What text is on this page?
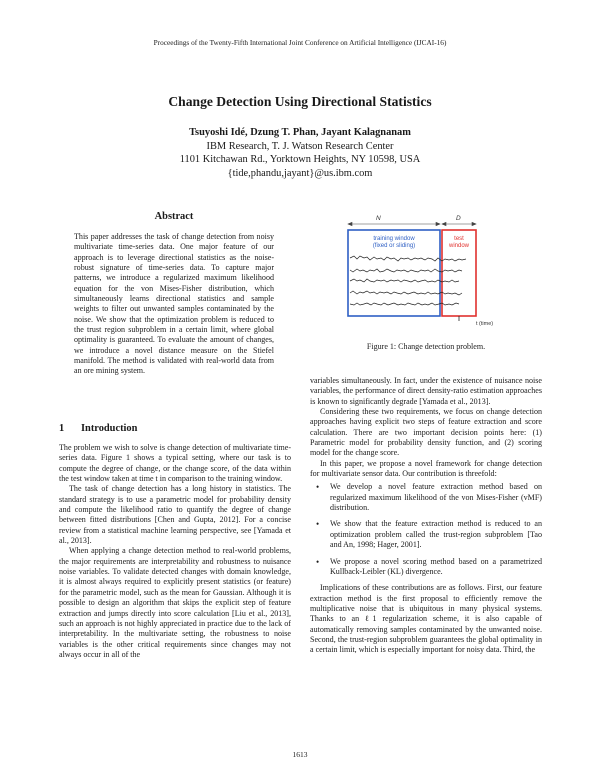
Proceedings of the Twenty-Fifth International Joint Conference on Artificial Intelligence (IJCAI-16)
Change Detection Using Directional Statistics
Tsuyoshi Idé, Dzung T. Phan, Jayant Kalagnanam
IBM Research, T. J. Watson Research Center
1101 Kitchawan Rd., Yorktown Heights, NY 10598, USA
{tide,phandu,jayant}@us.ibm.com
Abstract

This paper addresses the task of change detection from noisy multivariate time-series data. One major feature of our approach is to leverage directional statistics as the noise-robust signature of time-series data. To capture major patterns, we introduce a regularized maximum likelihood equation for the von Mises-Fisher distribution, which simultaneously learns directional statistics and sample weights to filter out unwanted samples contaminated by the noise. We show that the optimization problem is reduced to the trust region subproblem in a certain limit, where global optimality is guaranteed. To evaluate the amount of changes, we introduce a novel distance measure on the Stiefel manifold. The method is validated with real-world data from an ore mining system.

N	D
training window
(fixed or sliding)
test
window
t (time)
Figure 1: Change detection problem.
1 Introduction

The problem we wish to solve is change detection of multivariate time-series data. Figure 1 shows a typical setting, where our task is to compute the degree of change, or the change score, of the data within the test window taken at time t in comparison to the training window.

The task of change detection has a long history in statistics. The standard strategy is to use a parametric model for probability density and compute the likelihood ratio to quantify the degree of change between fitted distributions [Chen and Gupta, 2012]. For a concise review from a statistical machine learning perspective, see [Yamada et al., 2013].

When applying a change detection method to real-world problems, the major requirements are interpretability and robustness to nuisance noise variables. To validate detected changes with domain knowledge, it is almost always required to explicitly present statistics (or feature) for the parametric model, such as the mean for Gaussian. Although it is possible to design an algorithm that skips the explicit step of feature extraction and jumps directly into score calculation [Liu et al., 2013], such an approach is not highly appreciated in practice due to the lack of interpretability. In the multivariate setting, the robustness to noise variables is the other critical requirements since changes may not always occur in all of the

variables simultaneously. In fact, under the existence of nuisance noise variables, the performance of direct density-ratio estimation approaches is known to significantly degrade [Yamada et al., 2013].

Considering these two requirements, we focus on change detection approaches having explicit two steps of feature extraction and score calculation. There are two important decision points here: (1) Parametric model for probability density function, and (2) scoring model for the change score.

In this paper, we propose a novel framework for change detection for multivariate sensor data. Our contribution is threefold:

• We develop a novel feature extraction method based on regularized maximum likelihood of the von Mises-Fisher (vMF) distribution.

• We show that the feature extraction method is reduced to an optimization problem called the trust-region subproblem [Tao and An, 1998; Hager, 2001].

• We propose a novel scoring method based on a parametrized Kullback-Leibler (KL) divergence.

Implications of these contributions are as follows. First, our feature extraction method is the first proposal to efficiently remove the multiplicative noise that is ubiquitous in many physical systems. Thanks to an ℓ1 regularization scheme, it is also capable of automatically removing samples contaminated by the unwanted noise. Second, the trust-region subproblem guarantees the global optimality in a certain limit, which is especially important for noisy data. Third, the

1613
